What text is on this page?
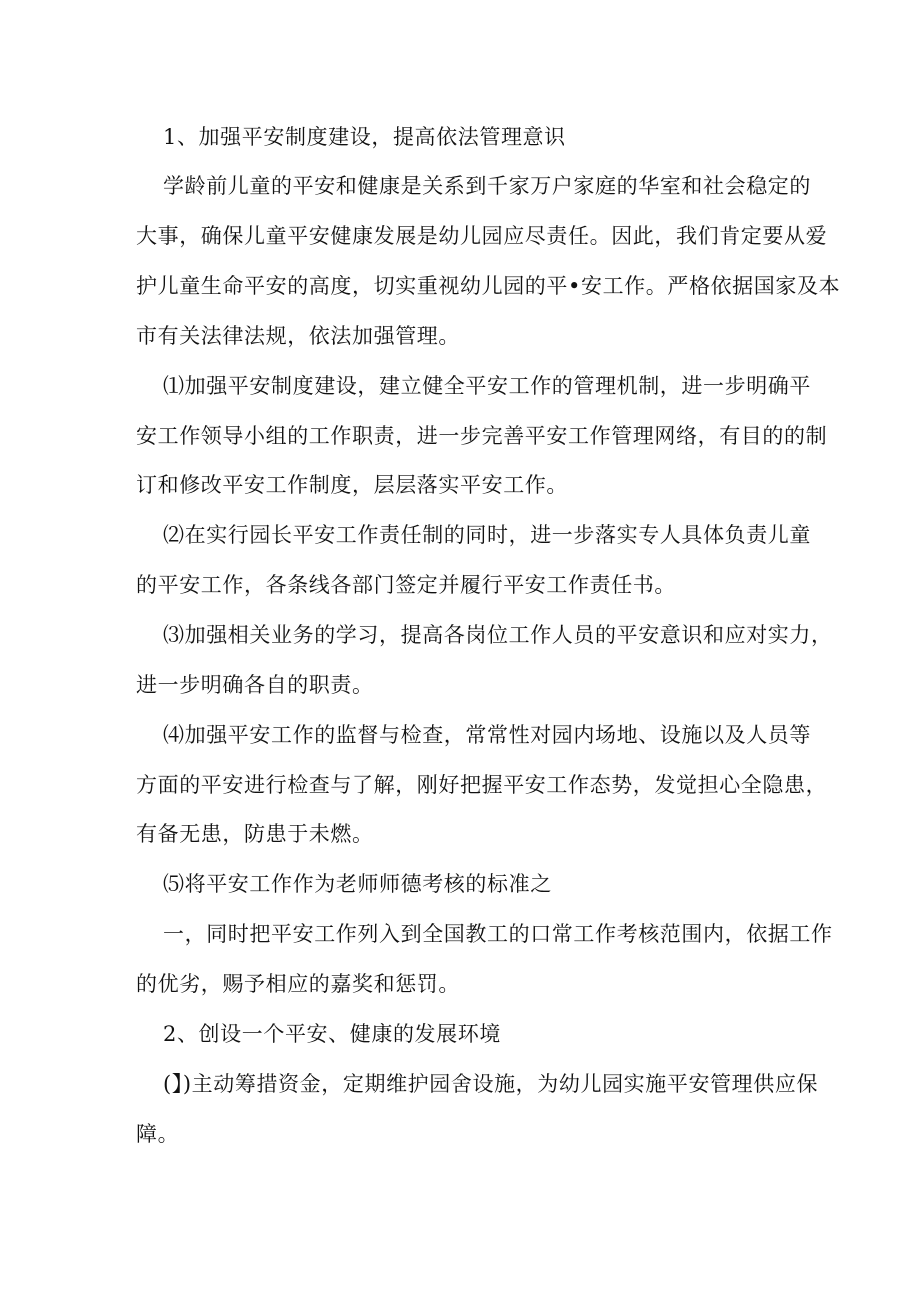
1、加强平安制度建设，提高依法管理意识
学龄前儿童的平安和健康是关系到千家万户家庭的华室和社会稳定的
大事，确保儿童平安健康发展是幼儿园应尽责任。因此，我们肯定要从爱
护儿童生命平安的高度，切实重视幼儿园的平•安工作。严格依据国家及本
市有关法律法规，依法加强管理。
⑴加强平安制度建设，建立健全平安工作的管理机制，进一步明确平
安工作领导小组的工作职责，进一步完善平安工作管理网络，有目的的制
订和修改平安工作制度，层层落实平安工作。
⑵在实行园长平安工作责任制的同时，进一步落实专人具体负责儿童
的平安工作，各条线各部门签定并履行平安工作责任书。
⑶加强相关业务的学习，提高各岗位工作人员的平安意识和应对实力，
进一步明确各自的职责。
⑷加强平安工作的监督与检查，常常性对园内场地、设施以及人员等
方面的平安进行检查与了解，刚好把握平安工作态势，发觉担心全隐患，
有备无患，防患于未燃。
⑸将平安工作作为老师师德考核的标准之
一，同时把平安工作列入到全国教工的口常工作考核范围内，依据工作
的优劣，赐予相应的嘉奖和惩罚。
2、创设一个平安、健康的发展环境
(】)主动筹措资金，定期维护园舍设施，为幼儿园实施平安管理供应保
障。
